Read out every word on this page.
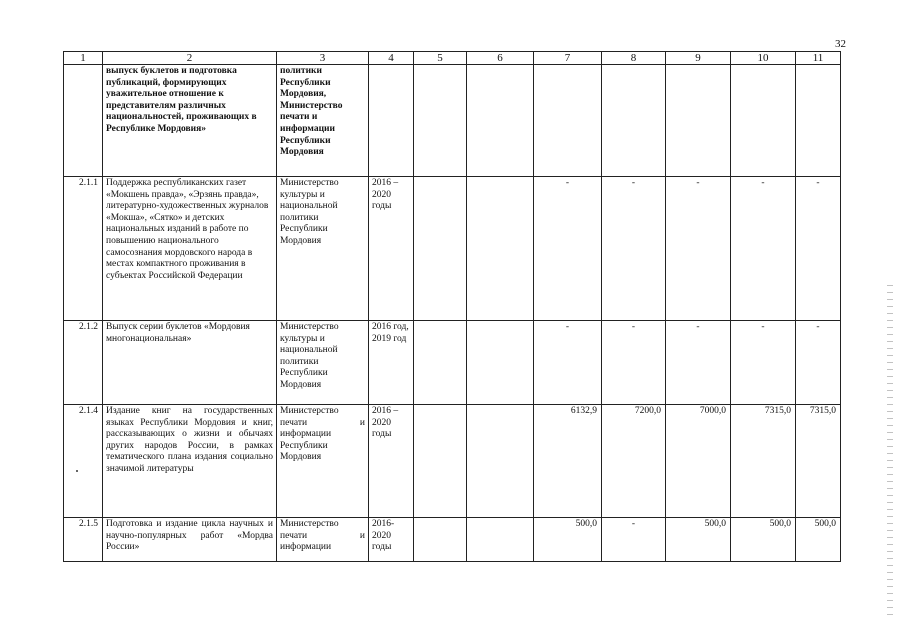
32
1	2	3	4	5	6	7	8	9	10	11
	выпуск буклетов и подготовка публикаций, формирующих уважительное отношение к представителям различных национальностей, проживающих в Республике Мордовия»	политики Республики Мордовия, Министерство печати и информации Республики Мордовия								
2.1.1	Поддержка республиканских газет «Мокшень правда», «Эрзянь правда», литературно-художественных журналов «Мокша», «Сятко» и детских национальных изданий в работе по повышению национального самосознания мордовского народа в местах компактного проживания в субъектах Российской Федерации	Министерство культуры и национальной политики Республики Мордовия	2016 – 2020 годы			-	-	-	-	-
2.1.2	Выпуск серии буклетов «Мордовия многонациональная»	Министерство культуры и национальной политики Республики Мордовия	2016 год, 2019 год			-	-	-	-	-
2.1.4	Издание книг на государственных языках Республики Мордовия и книг, рассказывающих о жизни и обычаях других народов России, в рамках тематического плана издания социально значимой литературы	Министерство печати и информации Республики Мордовия	2016 – 2020 годы			6132,9	7200,0	7000,0	7315,0	7315,0
2.1.5	Подготовка и издание цикла научных и научно-популярных работ «Мордва России»	Министерство печати и информации	2016-2020 годы			500,0	-	500,0	500,0	500,0
